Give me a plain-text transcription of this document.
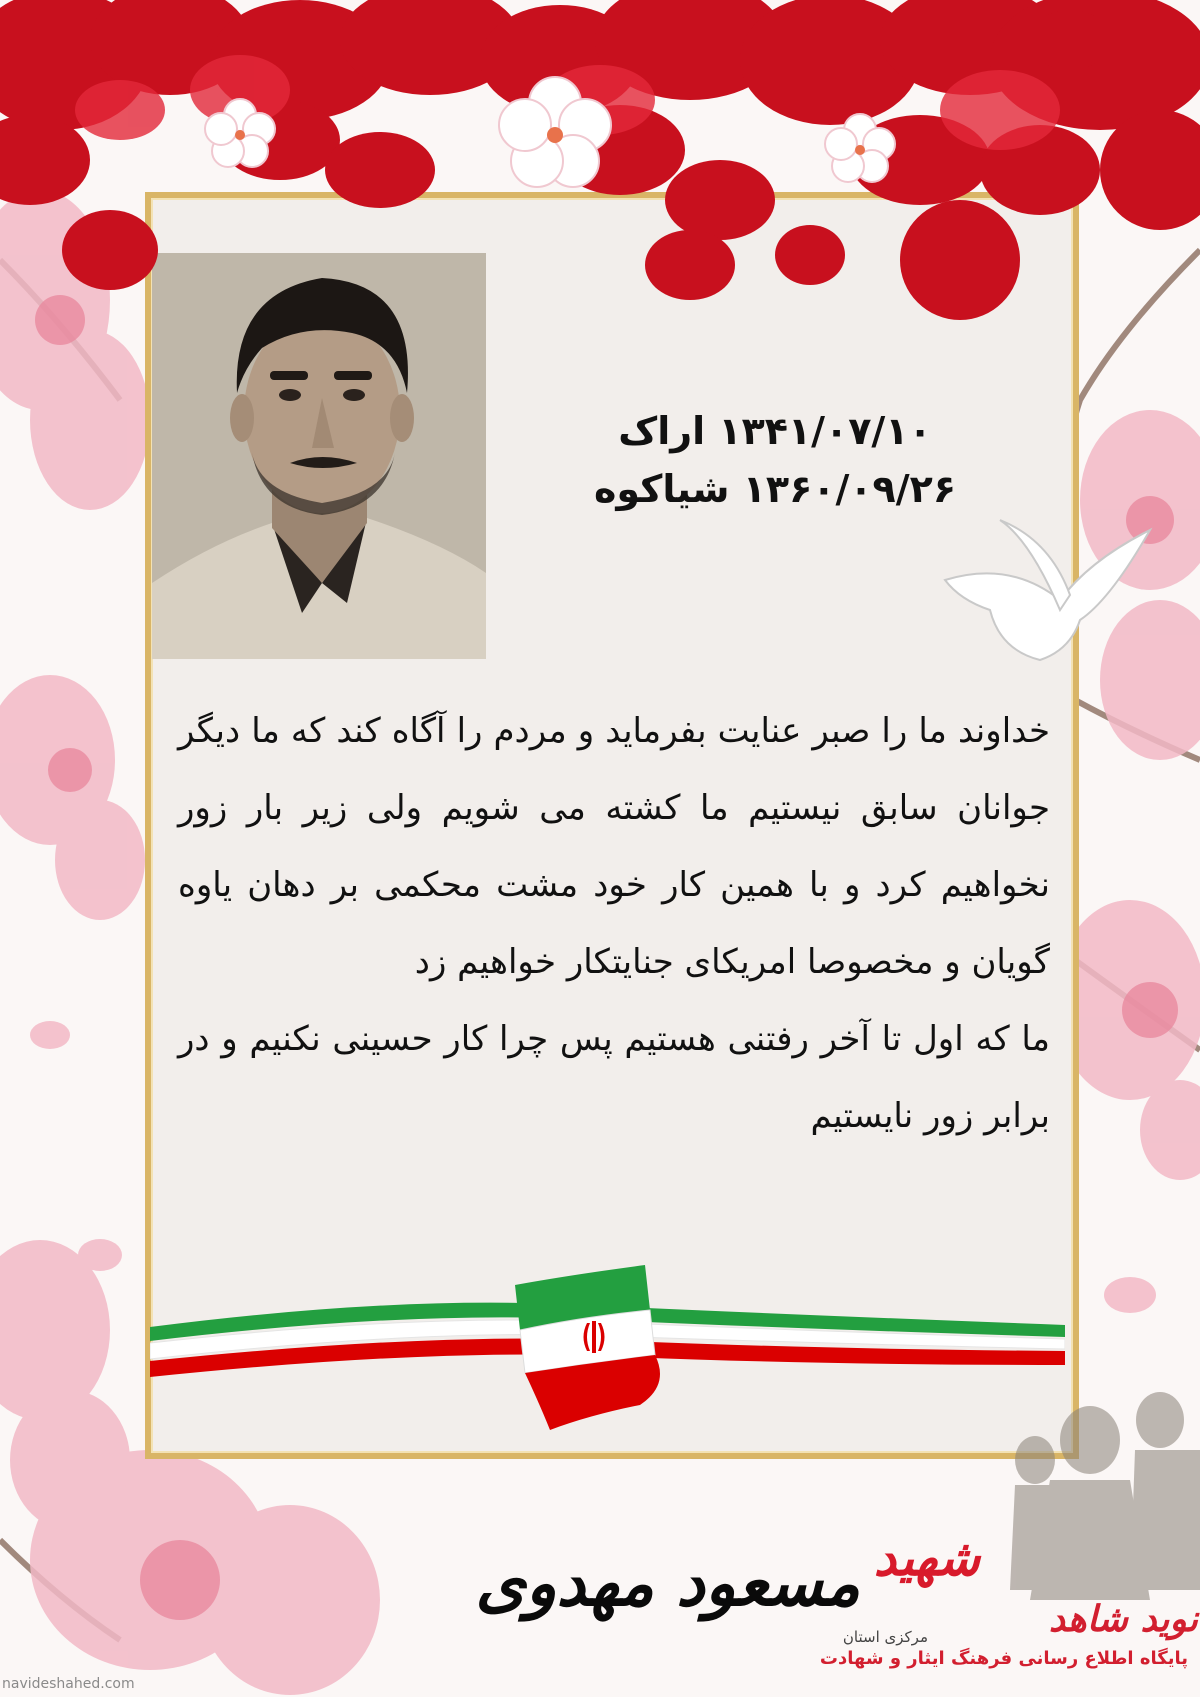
۱۳۴۱/۰۷/۱۰ اراک
۱۳۶۰/۰۹/۲۶ شیاکوه
خداوند ما را صبر عنایت بفرماید و مردم را آگاه کند که ما دیگر جوانان سابق نیستیم ما کشته می شویم ولی زیر بار زور نخواهیم کرد و با همین کار خود مشت محکمی بر دهان یاوه گویان و مخصوصا امریکای جنایتکار خواهیم زد
ما که اول تا آخر رفتنی هستیم پس چرا کار حسینی نکنیم و در برابر زور نایستیم
شهید
مسعود مهدوی	نوید شاهد
مرکزی استان
پایگاه اطلاع رسانی فرهنگ ایثار و شهادت
navideshahed.com
